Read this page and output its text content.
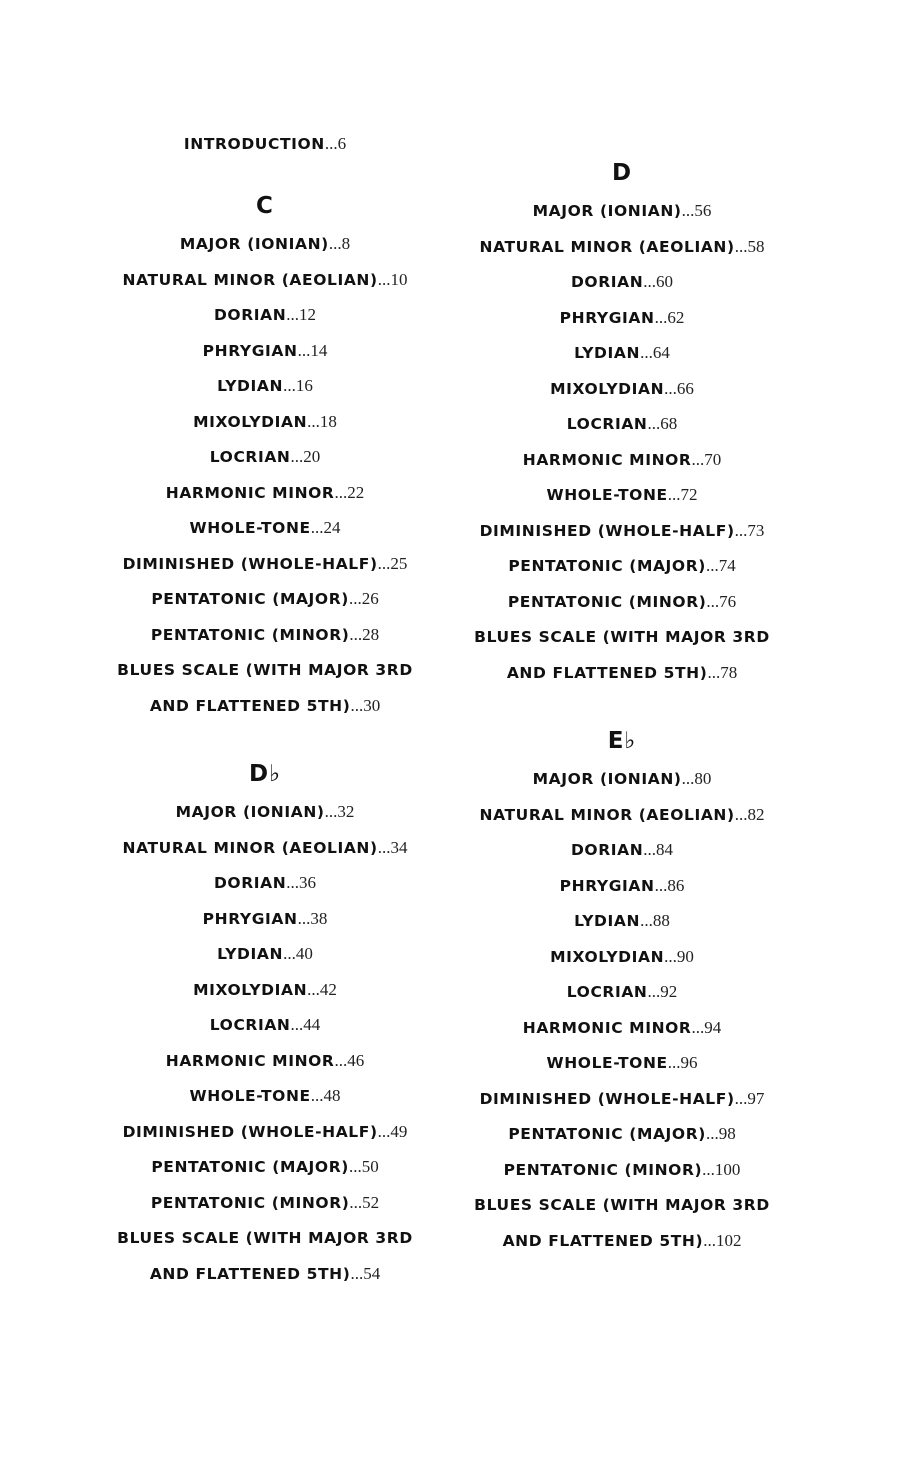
INTRODUCTION...6
C
MAJOR (IONIAN)...8
NATURAL MINOR (AEOLIAN)...10
DORIAN...12
PHRYGIAN...14
LYDIAN...16
MIXOLYDIAN...18
LOCRIAN...20
HARMONIC MINOR...22
WHOLE-TONE...24
DIMINISHED (WHOLE-HALF)...25
PENTATONIC (MAJOR)...26
PENTATONIC (MINOR)...28
BLUES SCALE (WITH MAJOR 3RD
AND FLATTENED 5TH)...30
D♭
MAJOR (IONIAN)...32
NATURAL MINOR (AEOLIAN)...34
DORIAN...36
PHRYGIAN...38
LYDIAN...40
MIXOLYDIAN...42
LOCRIAN...44
HARMONIC MINOR...46
WHOLE-TONE...48
DIMINISHED (WHOLE-HALF)...49
PENTATONIC (MAJOR)...50
PENTATONIC (MINOR)...52
BLUES SCALE (WITH MAJOR 3RD
AND FLATTENED 5TH)...54
D
MAJOR (IONIAN)...56
NATURAL MINOR (AEOLIAN)...58
DORIAN...60
PHRYGIAN...62
LYDIAN...64
MIXOLYDIAN...66
LOCRIAN...68
HARMONIC MINOR...70
WHOLE-TONE...72
DIMINISHED (WHOLE-HALF)...73
PENTATONIC (MAJOR)...74
PENTATONIC (MINOR)...76
BLUES SCALE (WITH MAJOR 3RD
AND FLATTENED 5TH)...78
E♭
MAJOR (IONIAN)...80
NATURAL MINOR (AEOLIAN)...82
DORIAN...84
PHRYGIAN...86
LYDIAN...88
MIXOLYDIAN...90
LOCRIAN...92
HARMONIC MINOR...94
WHOLE-TONE...96
DIMINISHED (WHOLE-HALF)...97
PENTATONIC (MAJOR)...98
PENTATONIC (MINOR)...100
BLUES SCALE (WITH MAJOR 3RD
AND FLATTENED 5TH)...102
